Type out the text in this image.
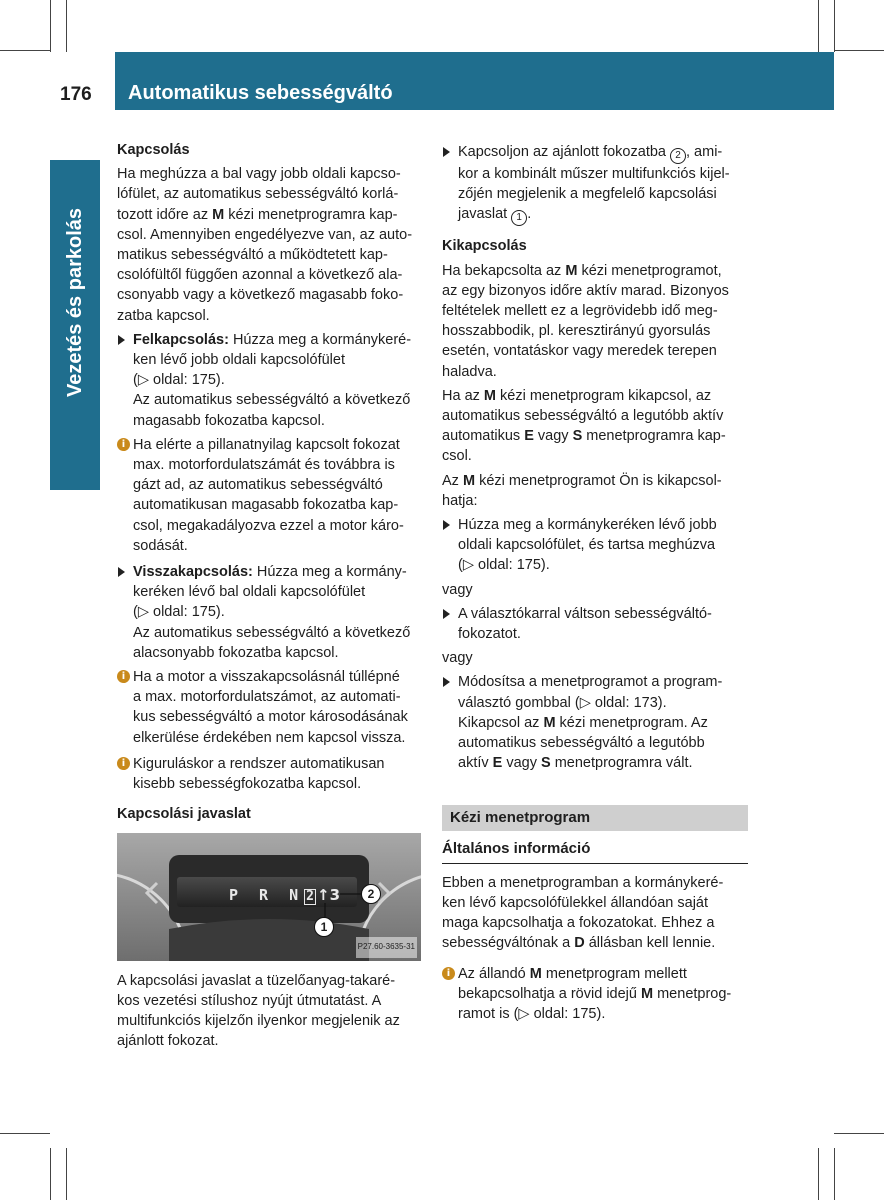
176 Automatikus sebességváltó
Vezetés és parkolás
Kapcsolás
Ha meghúzza a bal vagy jobb oldali kapcso-
lófület, az automatikus sebességváltó korlá-
tozott időre az M kézi menetprogramra kap-
csol. Amennyiben engedélyezve van, az auto-
matikus sebességváltó a működtetett kap-
csolófültől függően azonnal a következő ala-
csonyabb vagy a következő magasabb foko-
zatba kapcsol.
Felkapcsolás: Húzza meg a kormánykeré-
ken lévő jobb oldali kapcsolófület
(▷ oldal: 175).
Az automatikus sebességváltó a következő
magasabb fokozatba kapcsol.
i Ha elérte a pillanatnyilag kapcsolt fokozat
max. motorfordulatszámát és továbbra is
gázt ad, az automatikus sebességváltó
automatikusan magasabb fokozatba kap-
csol, megakadályozva ezzel a motor káro-
sodását.
Visszakapcsolás: Húzza meg a kormány-
keréken lévő bal oldali kapcsolófület
(▷ oldal: 175).
Az automatikus sebességváltó a következő
alacsonyabb fokozatba kapcsol.
i Ha a motor a visszakapcsolásnál túllépné
a max. motorfordulatszámot, az automati-
kus sebességváltó a motor károsodásának
elkerülése érdekében nem kapcsol vissza.
i Kiguruláskor a rendszer automatikusan
kisebb sebességfokozatba kapcsol.
Kapcsolási javaslat
P R N 2 ↑3	2
1
P27.60-3635-31
A kapcsolási javaslat a tüzelőanyag-takaré-
kos vezetési stílushoz nyújt útmutatást. A
multifunkciós kijelzőn ilyenkor megjelenik az
ajánlott fokozat.
Kapcsoljon az ajánlott fokozatba 2 , ami-
kor a kombinált műszer multifunkciós kijel-
zőjén megjelenik a megfelelő kapcsolási
javaslat 1 .
Kikapcsolás
Ha bekapcsolta az M kézi menetprogramot,
az egy bizonyos időre aktív marad. Bizonyos
feltételek mellett ez a legrövidebb idő meg-
hosszabbodik, pl. keresztirányú gyorsulás
esetén, vontatáskor vagy meredek terepen
haladva.
Ha az M kézi menetprogram kikapcsol, az
automatikus sebességváltó a legutóbb aktív
automatikus E vagy S menetprogramra kap-
csol.
Az M kézi menetprogramot Ön is kikapcsol-
hatja:
Húzza meg a kormánykeréken lévő jobb
oldali kapcsolófület, és tartsa meghúzva
(▷ oldal: 175).
vagy
A választókarral váltson sebességváltó-
fokozatot.
vagy
Módosítsa a menetprogramot a program-
választó gombbal (▷ oldal: 173).
Kikapcsol az M kézi menetprogram. Az
automatikus sebességváltó a legutóbb
aktív E vagy S menetprogramra vált.
Kézi menetprogram
Általános információ
Ebben a menetprogramban a kormánykeré-
ken lévő kapcsolófülekkel állandóan saját
maga kapcsolhatja a fokozatokat. Ehhez a
sebességváltónak a D állásban kell lennie.
i Az állandó M menetprogram mellett
bekapcsolhatja a rövid idejű M menetprog-
ramot is (▷ oldal: 175).
